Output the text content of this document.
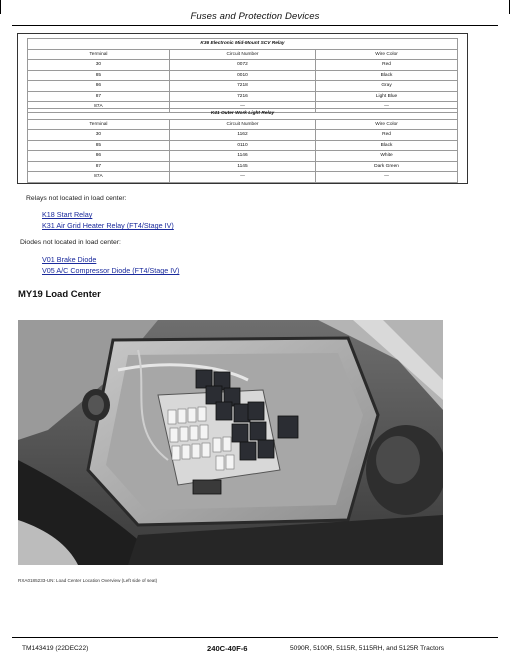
Fuses and Protection Devices
K36 Electronic Mid-Mount SCV Relay		
Terminal	Circuit Number	Wire Color
30	0072	Red
85	0010	Black
86	7218	Gray
87	7216	Light Blue
87A	—	—
K41 Outer Work Light Relay		
Terminal	Circuit Number	Wire Color
30	1162	Red
85	0110	Black
86	1146	White
87	1145	Dark Green
87A	—	—
Relays not located in load center:
K18 Start Relay
K31 Air Grid Heater Relay (FT4/Stage IV)
Diodes not located in load center:
V01 Brake Diode
V05 A/C Compressor Diode (FT4/Stage IV)
MY19 Load Center
RXA0185233-UN: Load Center Location Overview (Left side of seat)
TM143419 (22DEC22)	240C-40F-6	5090R, 5100R, 5115R, 5115RH, and 5125R Tractors
